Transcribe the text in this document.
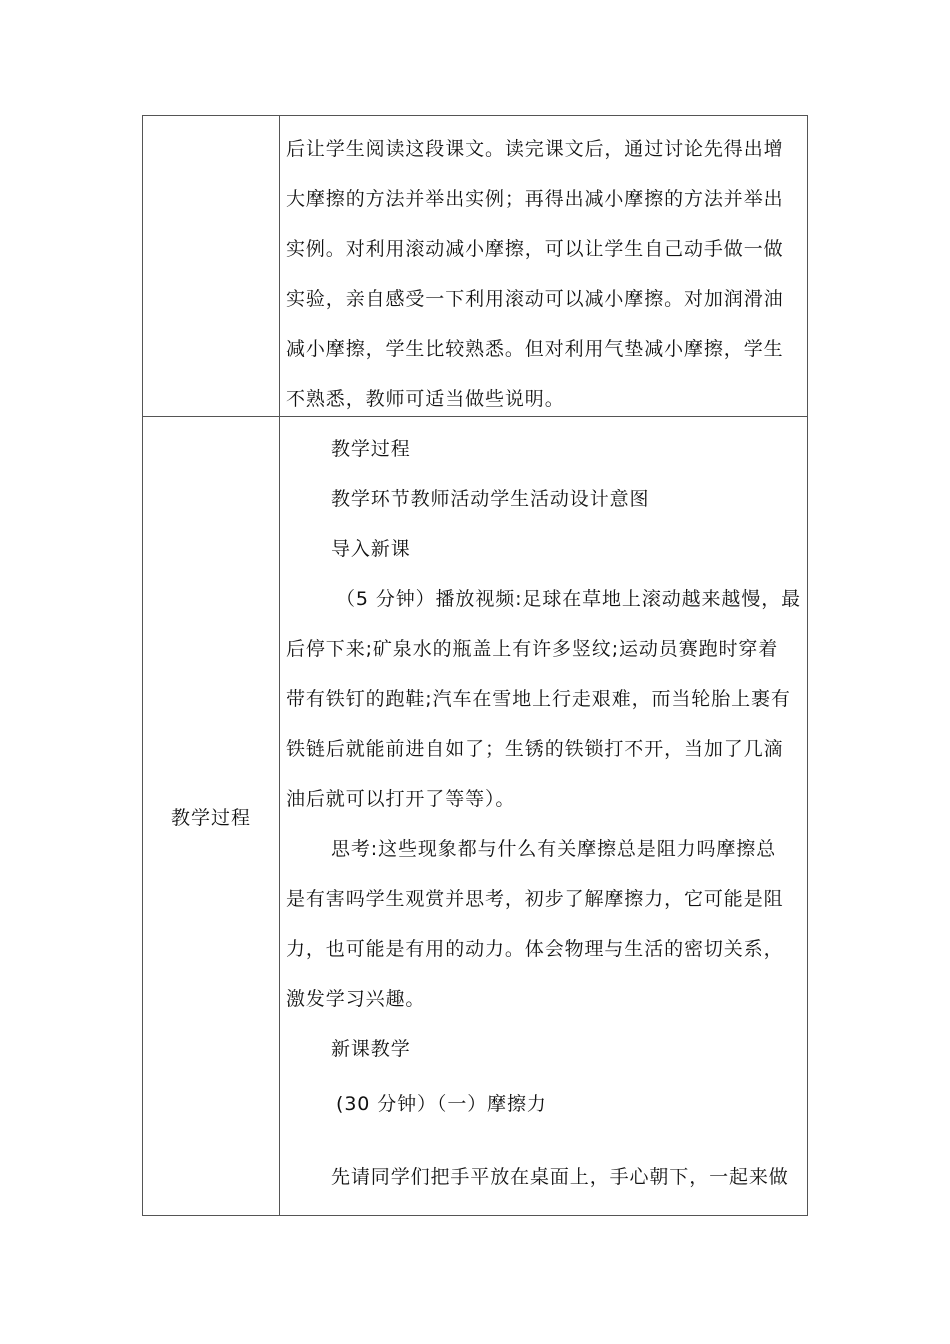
后让学生阅读这段课文。读完课文后，通过讨论先得出增
大摩擦的方法并举出实例；再得出减小摩擦的方法并举出
实例。对利用滚动减小摩擦，可以让学生自己动手做一做
实验，亲自感受一下利用滚动可以减小摩擦。对加润滑油
减小摩擦，学生比较熟悉。但对利用气垫减小摩擦，学生
不熟悉，教师可适当做些说明。
教学过程
教学过程
教学环节教师活动学生活动设计意图
导入新课
（5 分钟）播放视频:足球在草地上滚动越来越慢，最
后停下来;矿泉水的瓶盖上有许多竖纹;运动员赛跑时穿着
带有铁钉的跑鞋;汽车在雪地上行走艰难，而当轮胎上裹有
铁链后就能前进自如了；生锈的铁锁打不开，当加了几滴
油后就可以打开了等等）。
思考:这些现象都与什么有关摩擦总是阻力吗摩擦总
是有害吗学生观赏并思考，初步了解摩擦力，它可能是阻
力，也可能是有用的动力。体会物理与生活的密切关系，
激发学习兴趣。
新课教学
(30 分钟）（一）摩擦力
先请同学们把手平放在桌面上，手心朝下，一起来做
